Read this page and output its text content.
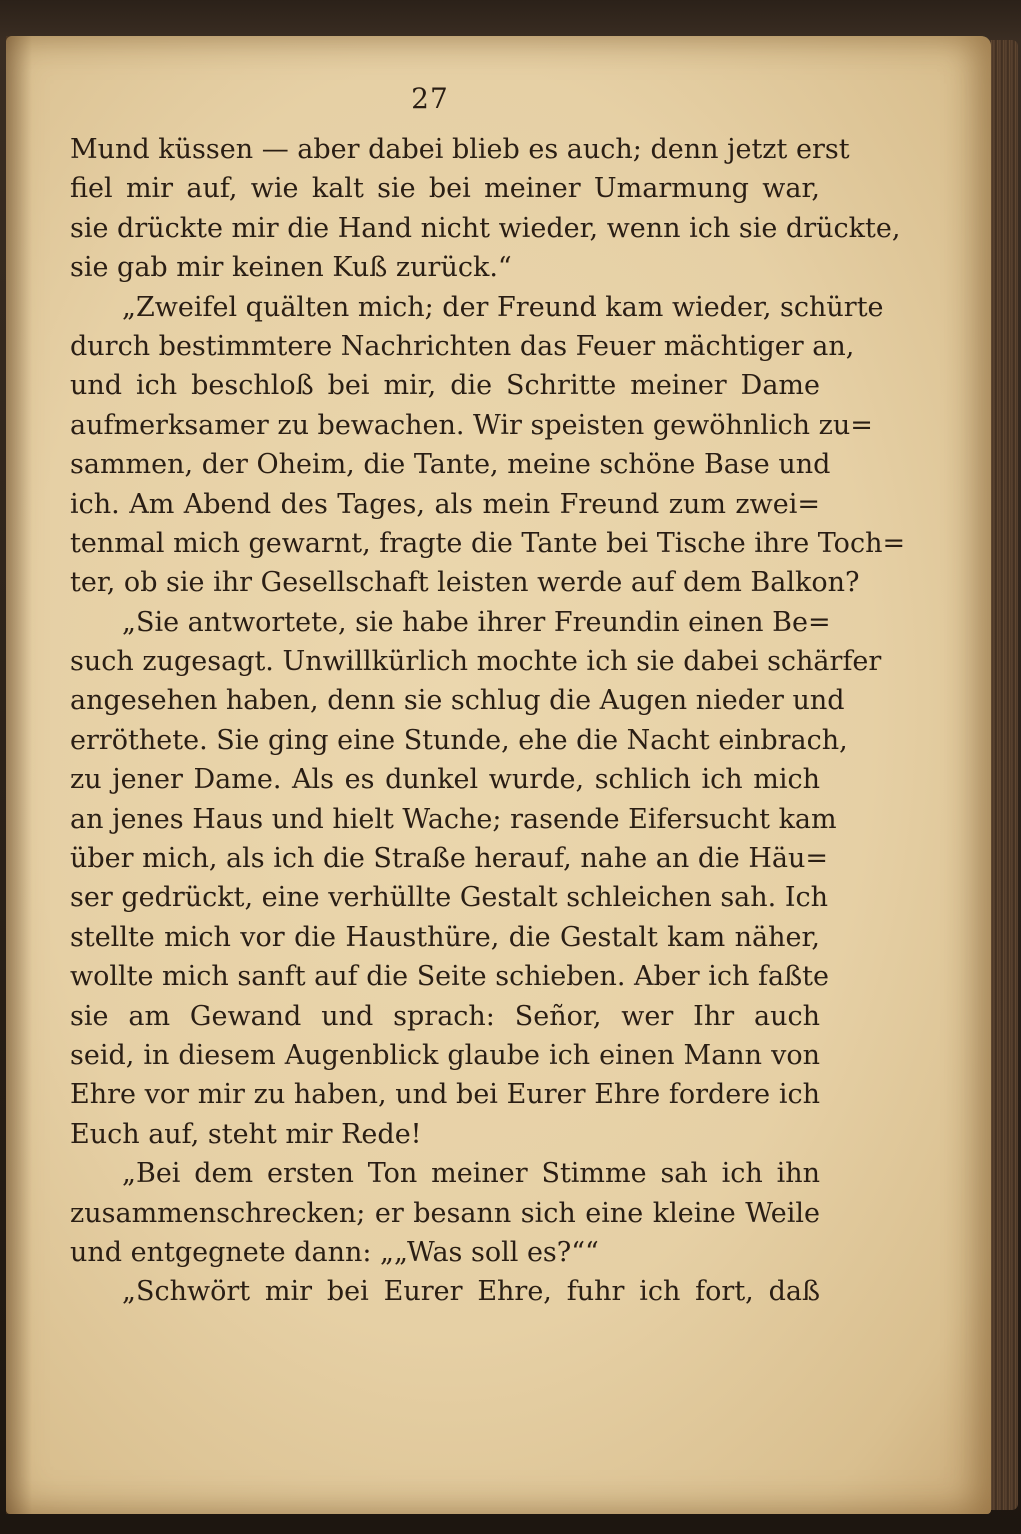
27
Mund küssen — aber dabei blieb es auch; denn jetzt erst
fiel mir auf, wie kalt sie bei meiner Umarmung war,
sie drückte mir die Hand nicht wieder, wenn ich sie drückte,
sie gab mir keinen Kuß zurück.“
„Zweifel quälten mich; der Freund kam wieder, schürte
durch bestimmtere Nachrichten das Feuer mächtiger an,
und ich beschloß bei mir, die Schritte meiner Dame
aufmerksamer zu bewachen. Wir speisten gewöhnlich zu=
sammen, der Oheim, die Tante, meine schöne Base und
ich. Am Abend des Tages, als mein Freund zum zwei=
tenmal mich gewarnt, fragte die Tante bei Tische ihre Toch=
ter, ob sie ihr Gesellschaft leisten werde auf dem Balkon?
„Sie antwortete, sie habe ihrer Freundin einen Be=
such zugesagt. Unwillkürlich mochte ich sie dabei schärfer
angesehen haben, denn sie schlug die Augen nieder und
erröthete. Sie ging eine Stunde, ehe die Nacht einbrach,
zu jener Dame. Als es dunkel wurde, schlich ich mich
an jenes Haus und hielt Wache; rasende Eifersucht kam
über mich, als ich die Straße herauf, nahe an die Häu=
ser gedrückt, eine verhüllte Gestalt schleichen sah. Ich
stellte mich vor die Hausthüre, die Gestalt kam näher,
wollte mich sanft auf die Seite schieben. Aber ich faßte
sie am Gewand und sprach: Señor, wer Ihr auch
seid, in diesem Augenblick glaube ich einen Mann von
Ehre vor mir zu haben, und bei Eurer Ehre fordere ich
Euch auf, steht mir Rede!
„Bei dem ersten Ton meiner Stimme sah ich ihn
zusammenschrecken; er besann sich eine kleine Weile
und entgegnete dann: „„Was soll es?““
„Schwört mir bei Eurer Ehre, fuhr ich fort, daß
